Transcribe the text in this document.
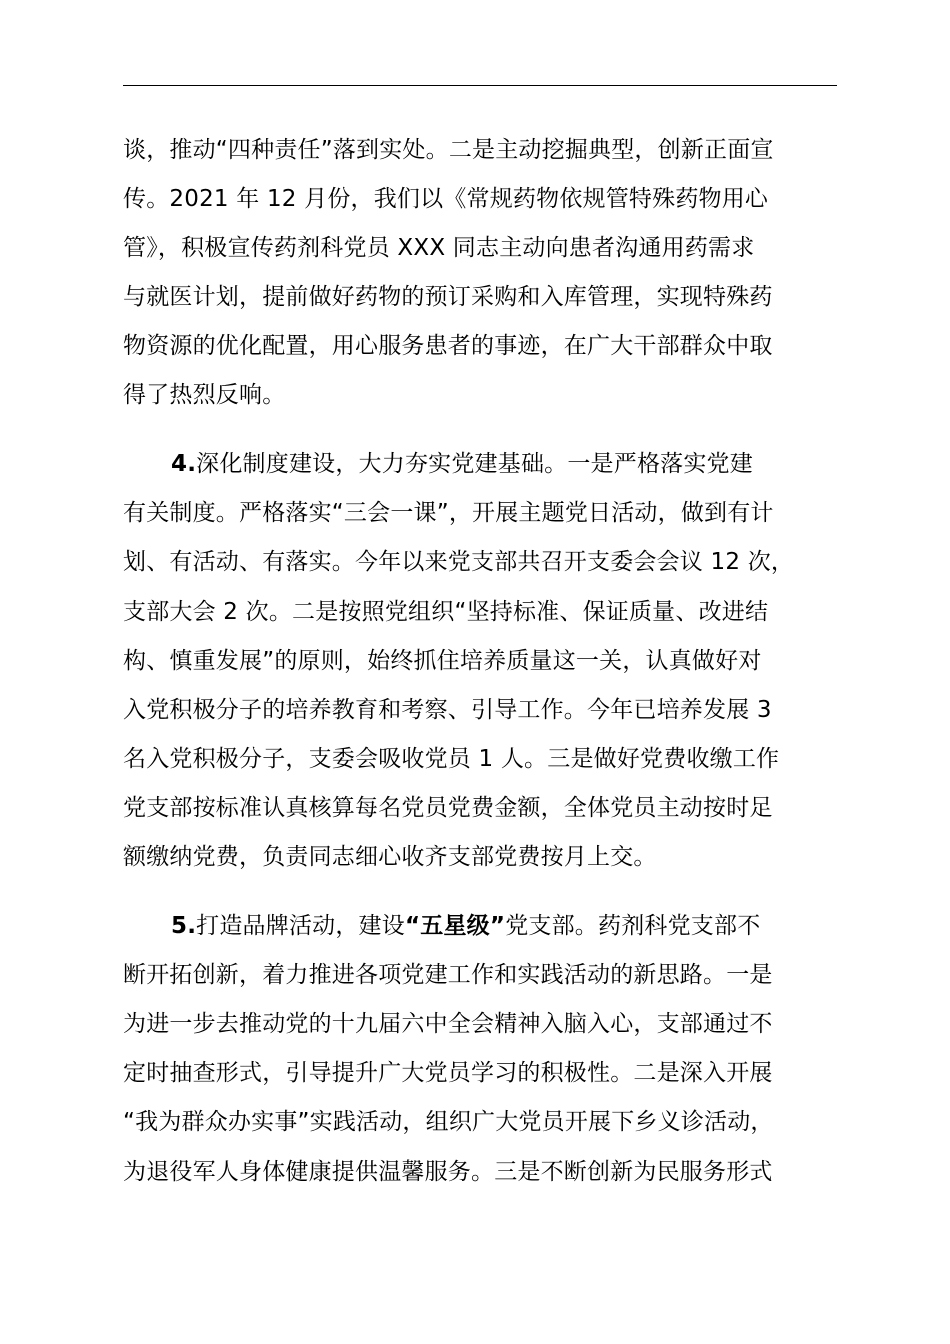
谈，推动“四种责任”落到实处。二是主动挖掘典型，创新正面宣
传。2021 年 12 月份，我们以《常规药物依规管特殊药物用心
管》，积极宣传药剂科党员 XXX 同志主动向患者沟通用药需求
与就医计划，提前做好药物的预订采购和入库管理，实现特殊药
物资源的优化配置，用心服务患者的事迹，在广大干部群众中取
得了热烈反响。
4.深化制度建设，大力夯实党建基础。一是严格落实党建
有关制度。严格落实“三会一课”，开展主题党日活动，做到有计
划、有活动、有落实。今年以来党支部共召开支委会会议 12 次，
支部大会 2 次。二是按照党组织“坚持标准、保证质量、改进结
构、慎重发展”的原则，始终抓住培养质量这一关，认真做好对
入党积极分子的培养教育和考察、引导工作。今年已培养发展 3
名入党积极分子，支委会吸收党员 1 人。三是做好党费收缴工作
党支部按标准认真核算每名党员党费金额，全体党员主动按时足
额缴纳党费，负责同志细心收齐支部党费按月上交。
5.打造品牌活动，建设“五星级”党支部。药剂科党支部不
断开拓创新，着力推进各项党建工作和实践活动的新思路。一是
为进一步去推动党的十九届六中全会精神入脑入心，支部通过不
定时抽查形式，引导提升广大党员学习的积极性。二是深入开展
“我为群众办实事”实践活动，组织广大党员开展下乡义诊活动，
为退役军人身体健康提供温馨服务。三是不断创新为民服务形式
